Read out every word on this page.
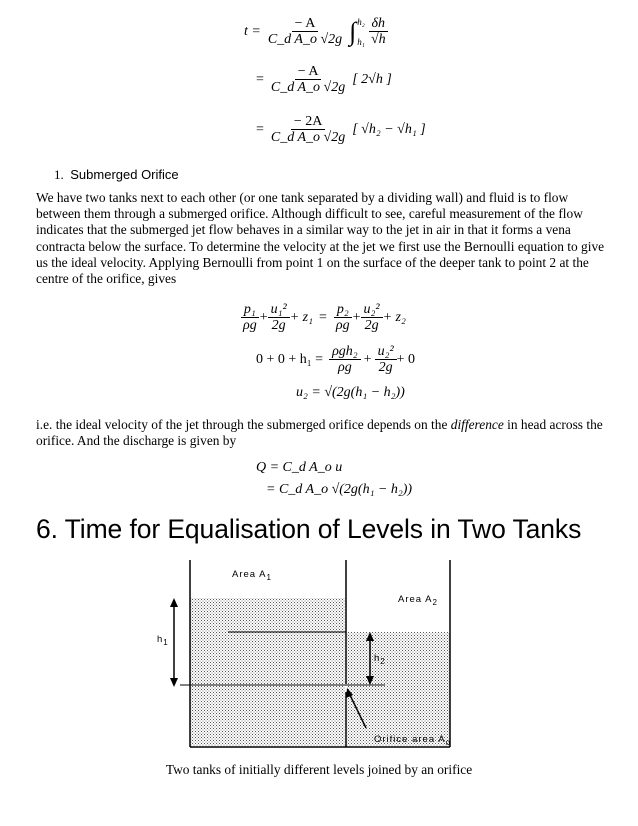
$t = \frac{- A}{\text{C\_d A\_o √2g}}$ ∫ h₂
$h_1 \frac{\delta h}{√h}$
= $\frac{- A}{\text{C\_d A\_o √2g}}$ [ 2√h ]
= $\frac{- 2A}{\text{C\_d A\_o √2g}}$ [ √h₂ − √h₁ ]
1. Submerged Orifice
We have two tanks next to each other (or one tank separated by a dividing wall) and fluid is to flow between them through a submerged orifice. Although difficult to see, careful measurement of the flow indicates that the submerged jet flow behaves in a similar way to the jet in air in that it forms a vena contracta below the surface. To determine the velocity at the jet we first use the Bernoulli equation to give us the ideal velocity. Applying Bernoulli from point 1 on the surface of the deeper tank to point 2 at the centre of the orifice, gives
$\frac{\text{p₁}}{\rho g} + \frac{\text{u₁²}}{2g} + z_1 = \frac{\text{p₂}}{\rho g} + \frac{\text{u₂²}}{2g} + z_2$
$0 + 0 + h_1 = \frac{\text{ρgh₂}}{\rho g} + \frac{\text{u₂²}}{2g} + 0$
u₂ = √(2g(h₁ − h₂))
i.e. the ideal velocity of the jet through the submerged orifice depends on the difference in head across the orifice. And the discharge is given by
Q = C_d A_o u
= C_d A_o √(2g(h₁ − h₂))
6. Time for Equalisation of Levels in Two Tanks
Area $A_1$
Area $A_2$
$h_1$
$h_2$
Orifice area $A_o$
Two tanks of initially different levels joined by an orifice
